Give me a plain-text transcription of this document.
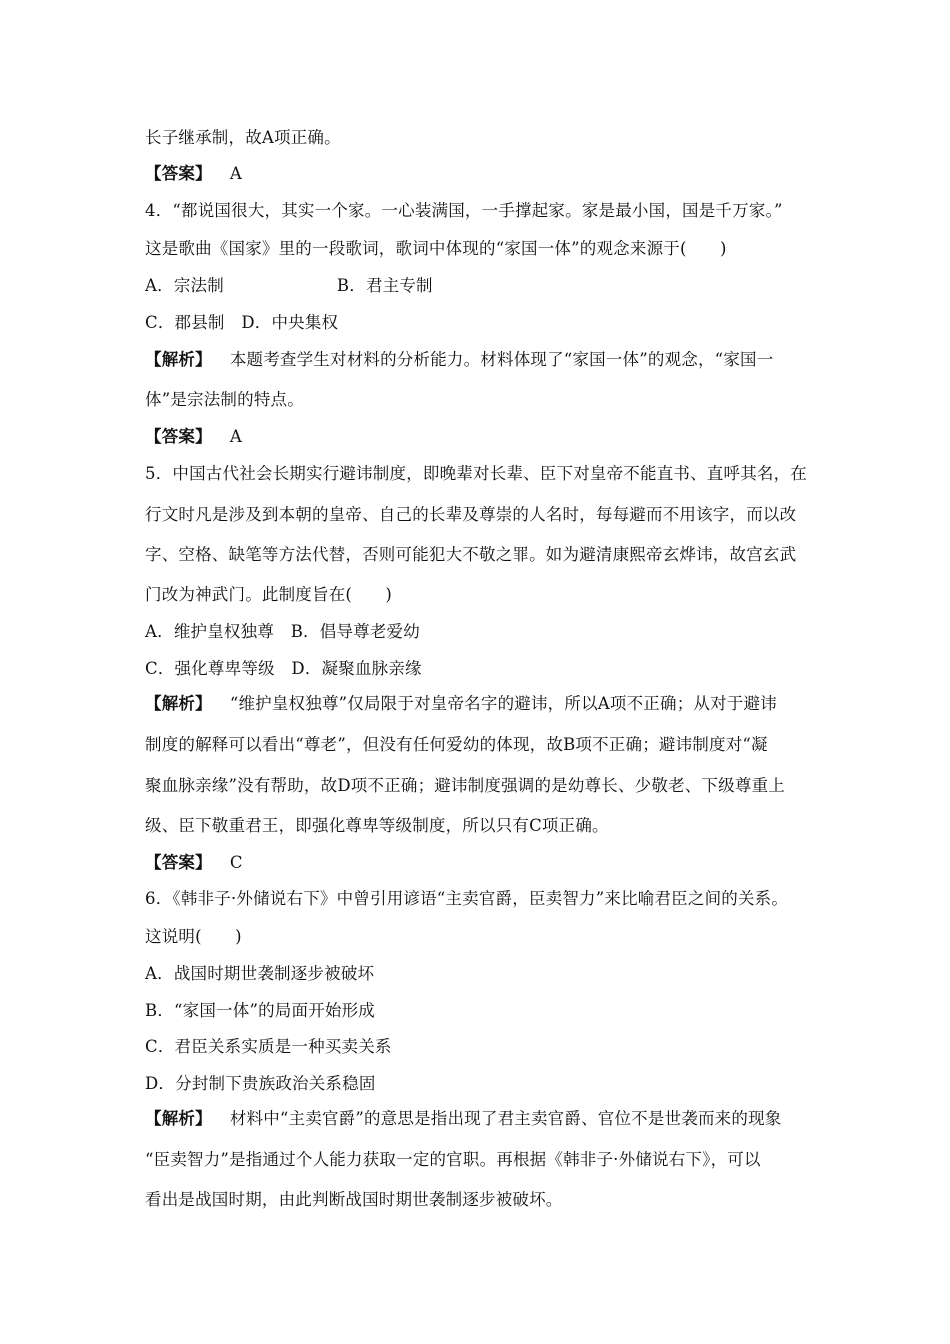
长子继承制，故A项正确。
【答案】 A
4．“都说国很大，其实一个家。一心装满国，一手撑起家。家是最小国，国是千万家。”
这是歌曲《国家》里的一段歌词，歌词中体现的“家国一体”的观念来源于(　　)
A．宗法制	B．君主专制
C．郡县制　D．中央集权
【解析】 本题考查学生对材料的分析能力。材料体现了“家国一体”的观念，“家国一
体”是宗法制的特点。
【答案】 A
5．中国古代社会长期实行避讳制度，即晚辈对长辈、臣下对皇帝不能直书、直呼其名，在
行文时凡是涉及到本朝的皇帝、自己的长辈及尊崇的人名时，每每避而不用该字，而以改
字、空格、缺笔等方法代替，否则可能犯大不敬之罪。如为避清康熙帝玄烨讳，故宫玄武
门改为神武门。此制度旨在(　　)
A．维护皇权独尊　B．倡导尊老爱幼
C．强化尊卑等级　D．凝聚血脉亲缘
【解析】 “维护皇权独尊”仅局限于对皇帝名字的避讳，所以A项不正确；从对于避讳
制度的解释可以看出“尊老”，但没有任何爱幼的体现，故B项不正确；避讳制度对“凝
聚血脉亲缘”没有帮助，故D项不正确；避讳制度强调的是幼尊长、少敬老、下级尊重上
级、臣下敬重君王，即强化尊卑等级制度，所以只有C项正确。
【答案】 C
6．《韩非子·外储说右下》中曾引用谚语“主卖官爵，臣卖智力”来比喻君臣之间的关系。
这说明(　　)
A．战国时期世袭制逐步被破坏
B．“家国一体”的局面开始形成
C．君臣关系实质是一种买卖关系
D．分封制下贵族政治关系稳固
【解析】 材料中“主卖官爵”的意思是指出现了君主卖官爵、官位不是世袭而来的现象
“臣卖智力”是指通过个人能力获取一定的官职。再根据《韩非子·外储说右下》，可以
看出是战国时期，由此判断战国时期世袭制逐步被破坏。
